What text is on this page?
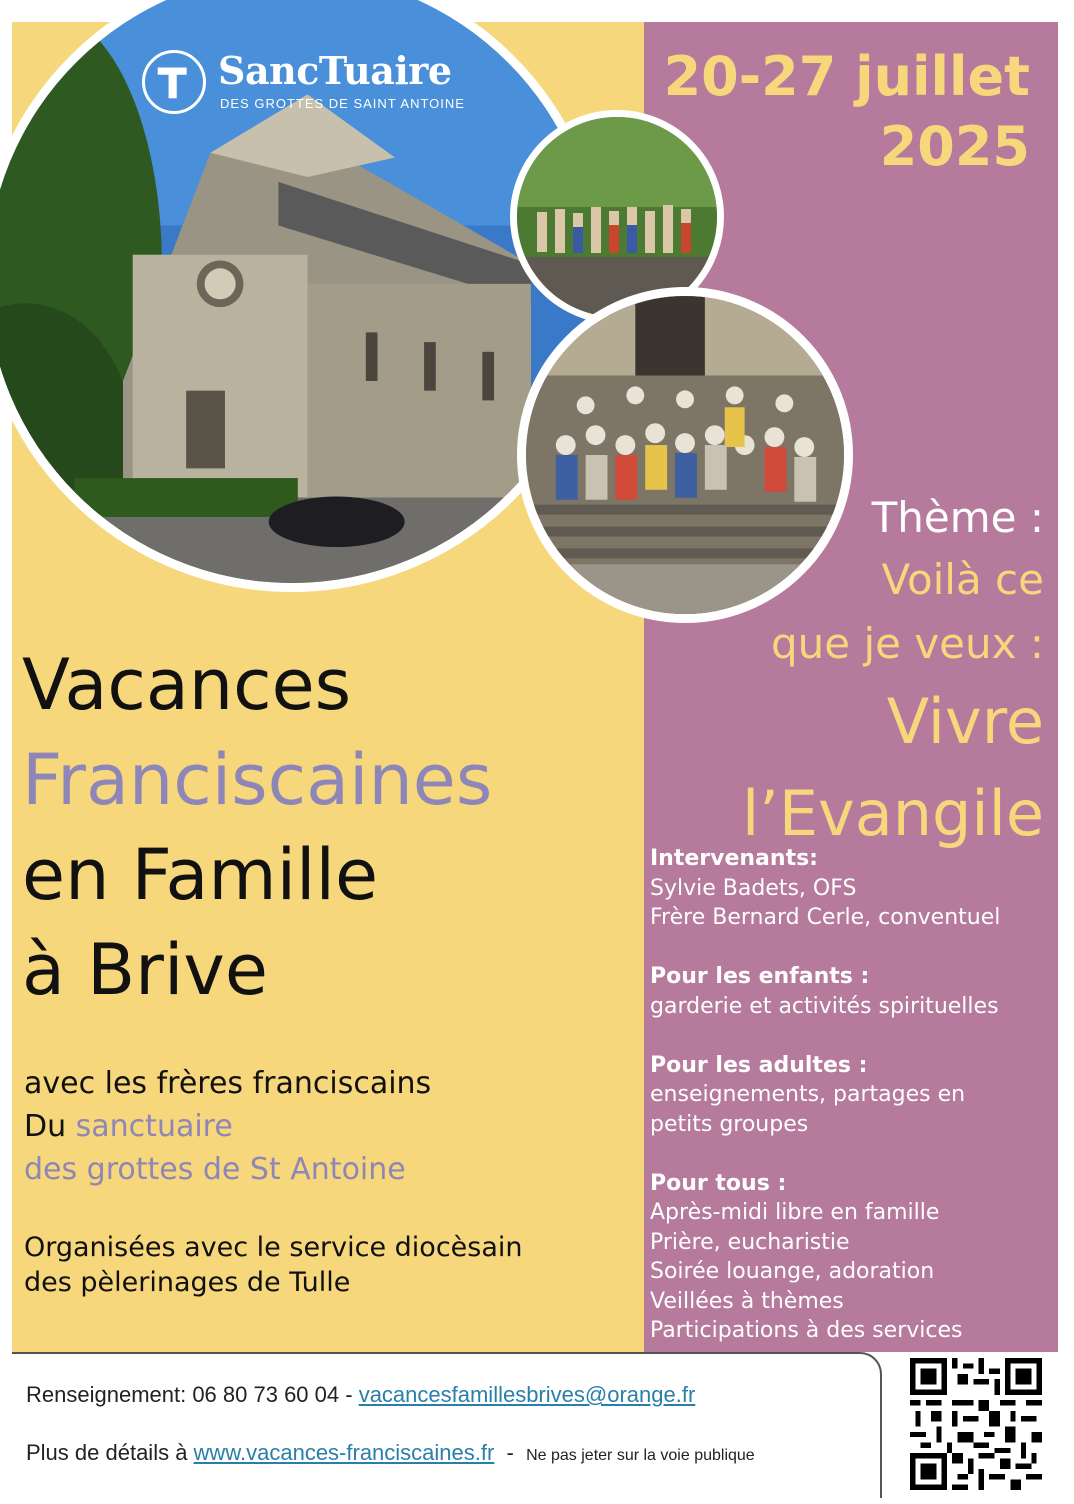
SancTuaire
DES GROTTES DE SAINT ANTOINE	20-27 juillet
2025
Thème :
Voilà ce
que je veux :
Vivre
l’Evangile
Vacances
Franciscaines
en Famille
à Brive
avec les frères franciscains
Du sanctuaire
des grottes de St Antoine
Organisées avec le service diocèsain
des pèlerinages de Tulle
Intervenants:
Sylvie Badets, OFS
Frère Bernard Cerle, conventuel
Pour les enfants :
garderie et activités spirituelles
Pour les adultes :
enseignements, partages en
petits groupes
Pour tous :
Après-midi libre en famille
Prière, eucharistie
Soirée louange, adoration
Veillées à thèmes
Participations à des services
Renseignement: 06 80 73 60 04 - vacancesfamillesbrives@orange.fr
Plus de détails à www.vacances-franciscaines.fr  -  Ne pas jeter sur la voie publique
